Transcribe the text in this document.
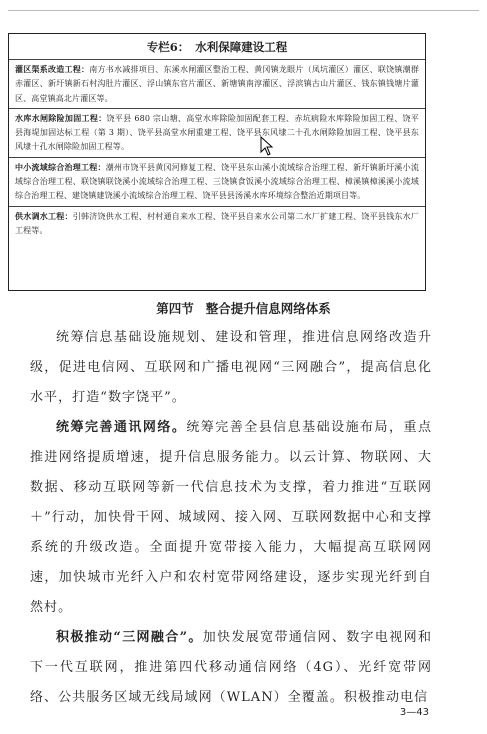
专栏6： 水利保障建设工程

灌区渠系改造工程：南方书水减排项目、东溪水闸灌区整治工程、黄冈镇龙眼片（凤坑灌区）灌区、联饶镇潮群赤灌区、新圩镇新石村沟肚片灌区、浮山镇东官片灌区、新塘镇南淳灌区、浮滨镇古山片灌区、钱东镇钱塘片灌区、高堂镇高北片灌区等。

水库水闸除险加固工程：饶平县 680 宗山塘、高堂水库除险加固配套工程、赤坑病险水库除险加固工程、饶平县海堤加固达标工程（第 3 期）、饶平县高堂水闸重建工程、饶平县东风埭二十孔水闸除险加固工程、饶平县东风埭十孔水闸除险加固工程等。

中小流域综合治理工程：潮州市饶平县黄冈河修复工程、饶平县东山溪小流域综合治理工程、新圩镇新圩溪小流域综合治理工程、联饶镇联饶溪小流域综合治理工程、三饶镇食饭溪小流域综合治理工程、樟溪镇樟溪溪小流域综合治理工程、建饶镇建饶溪小流域综合治理工程、饶平县县汤溪水库环境综合整治近期项目等。

供水调水工程：引韩济饶供水工程、村村通自来水工程、饶平县自来水公司第二水厂扩建工程、饶平县钱东水厂工程等。

第四节 整合提升信息网络体系

统筹信息基础设施规划、建设和管理，推进信息网络改造升级，促进电信网、互联网和广播电视网“三网融合”，提高信息化水平，打造“数字饶平”。

统筹完善通讯网络。统筹完善全县信息基础设施布局，重点推进网络提质增速，提升信息服务能力。以云计算、物联网、大数据、移动互联网等新一代信息技术为支撑，着力推进“互联网＋”行动，加快骨干网、城域网、接入网、互联网数据中心和支撑系统的升级改造。全面提升宽带接入能力，大幅提高互联网网速，加快城市光纤入户和农村宽带网络建设，逐步实现光纤到自然村。

积极推动“三网融合”。加快发展宽带通信网、数字电视网和下一代互联网，推进第四代移动通信网络（4G）、光纤宽带网络、公共服务区域无线局域网（WLAN）全覆盖。积极推动电信

3—43
